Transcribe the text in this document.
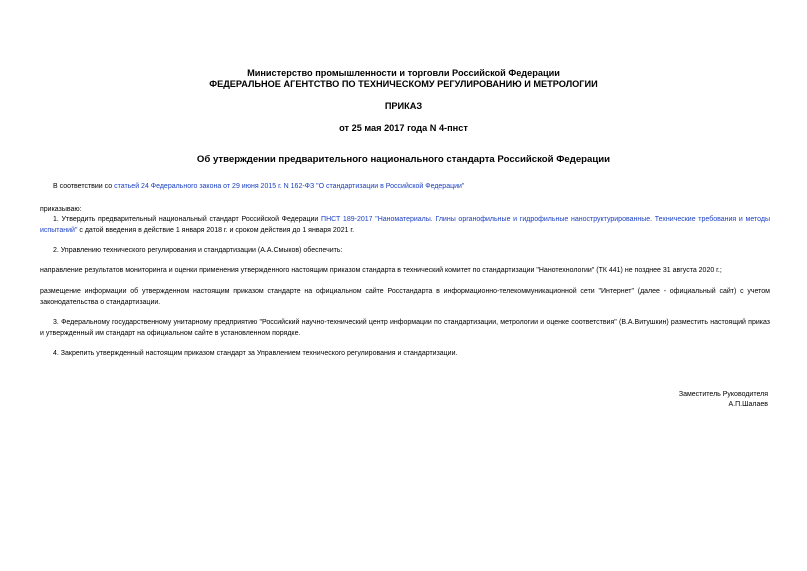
Министерство промышленности и торговли Российской Федерации
ФЕДЕРАЛЬНОЕ АГЕНТСТВО ПО ТЕХНИЧЕСКОМУ РЕГУЛИРОВАНИЮ И МЕТРОЛОГИИ
ПРИКАЗ
от 25 мая 2017 года N 4-пнст
Об утверждении предварительного национального стандарта Российской Федерации
В соответствии со статьей 24 Федерального закона от 29 июня 2015 г. N 162-ФЗ "О стандартизации в Российской Федерации"
приказываю:
1. Утвердить предварительный национальный стандарт Российской Федерации ПНСТ 189-2017 "Наноматериалы. Глины органофильные и гидрофильные наноструктурированные. Технические требования и методы испытаний" с датой введения в действие 1 января 2018 г. и сроком действия до 1 января 2021 г.
2. Управлению технического регулирования и стандартизации (А.А.Смыков) обеспечить:
направление результатов мониторинга и оценки применения утвержденного настоящим приказом стандарта в технический комитет по стандартизации "Нанотехнологии" (ТК 441) не позднее 31 августа 2020 г.;
размещение информации об утвержденном настоящим приказом стандарте на официальном сайте Росстандарта в информационно-телекоммуникационной сети "Интернет" (далее - официальный сайт) с учетом законодательства о стандартизации.
3. Федеральному государственному унитарному предприятию "Российский научно-технический центр информации по стандартизации, метрологии и оценке соответствия" (В.А.Витушкин) разместить настоящий приказ и утвержденный им стандарт на официальном сайте в установленном порядке.
4. Закрепить утвержденный настоящим приказом стандарт за Управлением технического регулирования и стандартизации.
Заместитель Руководителя
А.П.Шалаев
